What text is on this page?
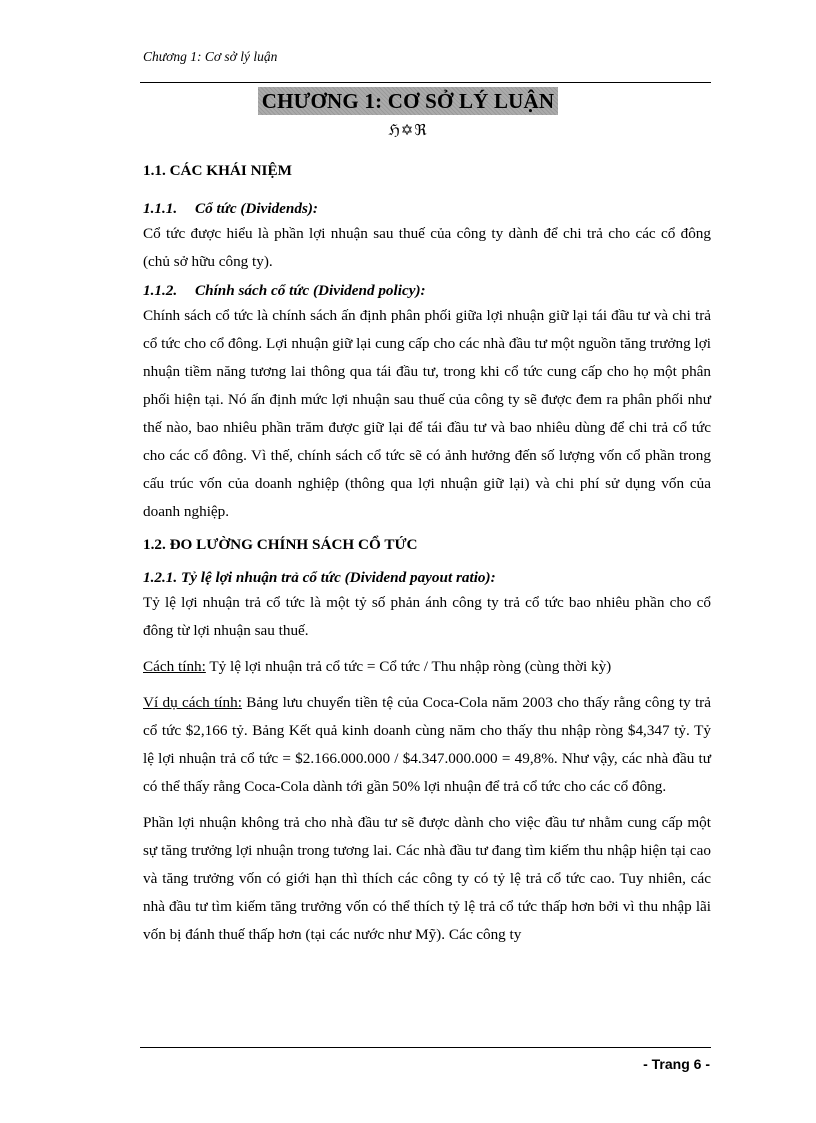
Chương 1: Cơ sở lý luận
CHƯƠNG 1: CƠ SỞ LÝ LUẬN
ℌ✡ℜ
1.1. CÁC KHÁI NIỆM
1.1.1. Cổ tức (Dividends):

Cổ tức được hiểu là phần lợi nhuận sau thuế của công ty dành để chi trả cho các cổ đông (chủ sở hữu công ty).

1.1.2. Chính sách cổ tức (Dividend policy):

Chính sách cổ tức là chính sách ấn định phân phối giữa lợi nhuận giữ lại tái đầu tư và chi trả cổ tức cho cổ đông. Lợi nhuận giữ lại cung cấp cho các nhà đầu tư một nguồn tăng trưởng lợi nhuận tiềm năng tương lai thông qua tái đầu tư, trong khi cổ tức cung cấp cho họ một phân phối hiện tại. Nó ấn định mức lợi nhuận sau thuế của công ty sẽ được đem ra phân phối như thế nào, bao nhiêu phần trăm được giữ lại để tái đầu tư và bao nhiêu dùng để chi trả cổ tức cho các cổ đông. Vì thế, chính sách cổ tức sẽ có ảnh hưởng đến số lượng vốn cổ phần trong cấu trúc vốn của doanh nghiệp (thông qua lợi nhuận giữ lại) và chi phí sử dụng vốn của doanh nghiệp.

1.2. ĐO LƯỜNG CHÍNH SÁCH CỔ TỨC
1.2.1. Tỷ lệ lợi nhuận trả cổ tức (Dividend payout ratio):

Tỷ lệ lợi nhuận trả cổ tức là một tỷ số phản ánh công ty trả cổ tức bao nhiêu phần cho cổ đông từ lợi nhuận sau thuế.

Cách tính: Tỷ lệ lợi nhuận trả cổ tức = Cổ tức / Thu nhập ròng (cùng thời kỳ)

Ví dụ cách tính: Bảng lưu chuyển tiền tệ của Coca-Cola năm 2003 cho thấy rằng công ty trả cổ tức $2,166 tỷ. Bảng Kết quả kinh doanh cùng năm cho thấy thu nhập ròng $4,347 tỷ. Tỷ lệ lợi nhuận trả cổ tức = $2.166.000.000 / $4.347.000.000 = 49,8%. Như vậy, các nhà đầu tư có thể thấy rằng Coca-Cola dành tới gần 50% lợi nhuận để trả cổ tức cho các cổ đông.

Phần lợi nhuận không trả cho nhà đầu tư sẽ được dành cho việc đầu tư nhằm cung cấp một sự tăng trưởng lợi nhuận trong tương lai. Các nhà đầu tư đang tìm kiếm thu nhập hiện tại cao và tăng trưởng vốn có giới hạn thì thích các công ty có tỷ lệ trả cổ tức cao. Tuy nhiên, các nhà đầu tư tìm kiếm tăng trưởng vốn có thể thích tỷ lệ trả cổ tức thấp hơn bởi vì thu nhập lãi vốn bị đánh thuế thấp hơn (tại các nước như Mỹ). Các công ty

- Trang 6 -
